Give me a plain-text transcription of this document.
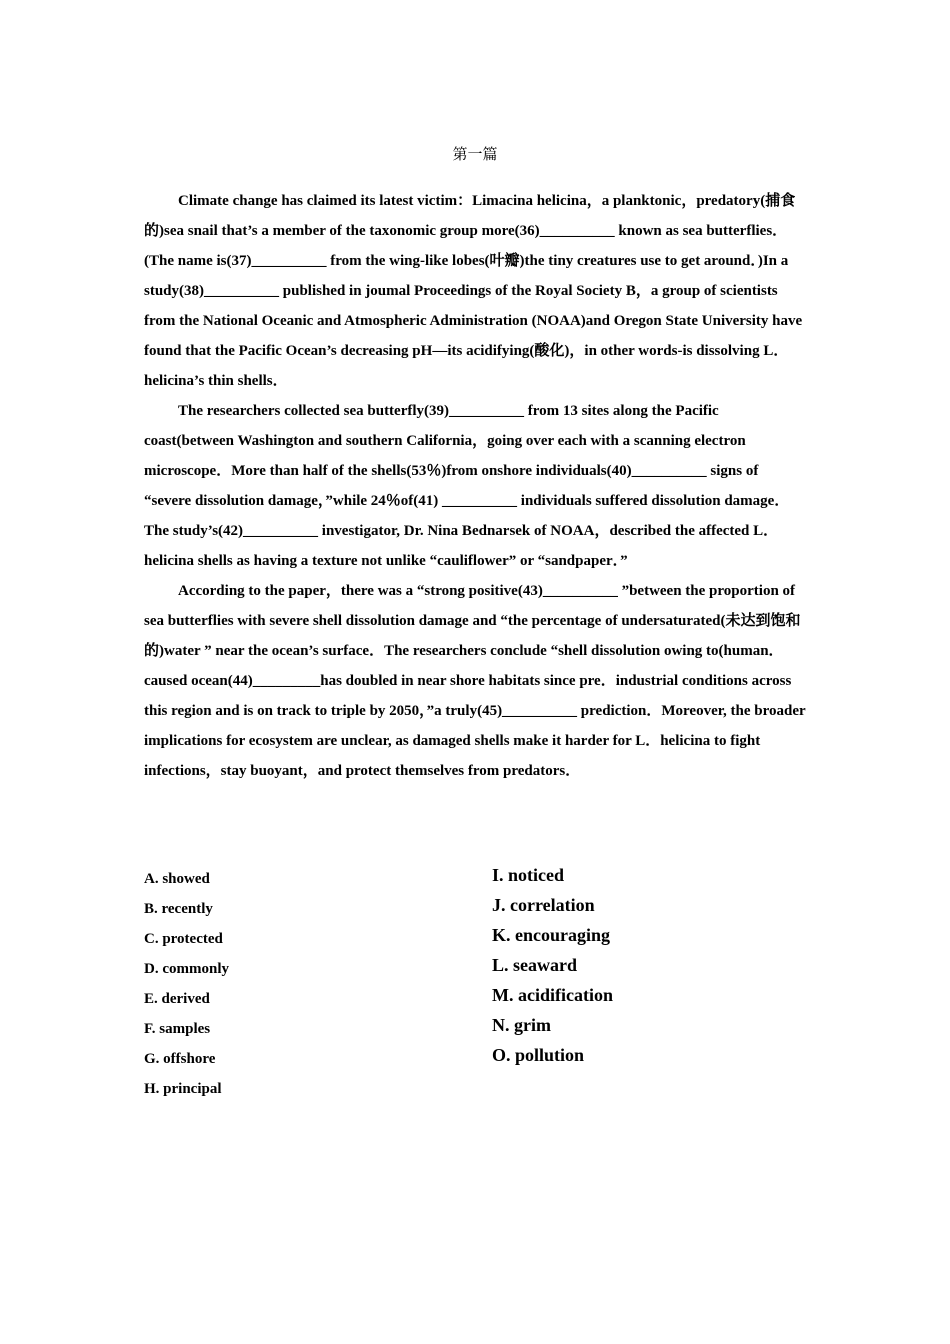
第一篇

Climate change has claimed its latest victim：Limacina helicina，a planktonic，predatory(捕食的)sea snail that’s a member of the taxonomic group more(36)__________ known as sea butterflies．(The name is(37)__________ from the wing-like lobes(叶瓣)the tiny creatures use to get around．)In a study(38)__________ published in joumal Proceedings of the Royal Society B，a group of scientists from the National Oceanic and Atmospheric Administration (NOAA)and Oregon State University have found that the Pacific Ocean’s decreasing pH—its acidifying(酸化)，in other words-is dissolving L．helicina’s thin shells．

The researchers collected sea butterfly(39)__________ from 13 sites along the Pacific coast(between Washington and southern California，going over each with a scanning electron microscope．More than half of the shells(53％)from onshore individuals(40)__________ signs of “severe dissolution damage，”while 24％of(41) __________ individuals suffered dissolution damage．The study’s(42)__________ investigator, Dr. Nina Bednarsek of NOAA，described the affected L．helicina shells as having a texture not unlike “cauliflower” or “sandpaper．”

According to the paper，there was a “strong positive(43)__________ ”between the proportion of sea butterflies with severe shell dissolution damage and “the percentage of undersaturated(未达到饱和的)water ” near the ocean’s surface．The researchers conclude “shell dissolution owing to(human．caused ocean(44)_________has doubled in near shore habitats since pre．industrial conditions across this region and is on track to triple by 2050，”a truly(45)__________ prediction．Moreover, the broader implications for ecosystem are unclear, as damaged shells make it harder for L．helicina to fight infections，stay buoyant，and protect themselves from predators．

A. showed
B. recently
C. protected
D. commonly
E. derived
F. samples
G. offshore
H. principal
I. noticed
J. correlation
K. encouraging
L. seaward
M. acidification
N. grim
O. pollution
